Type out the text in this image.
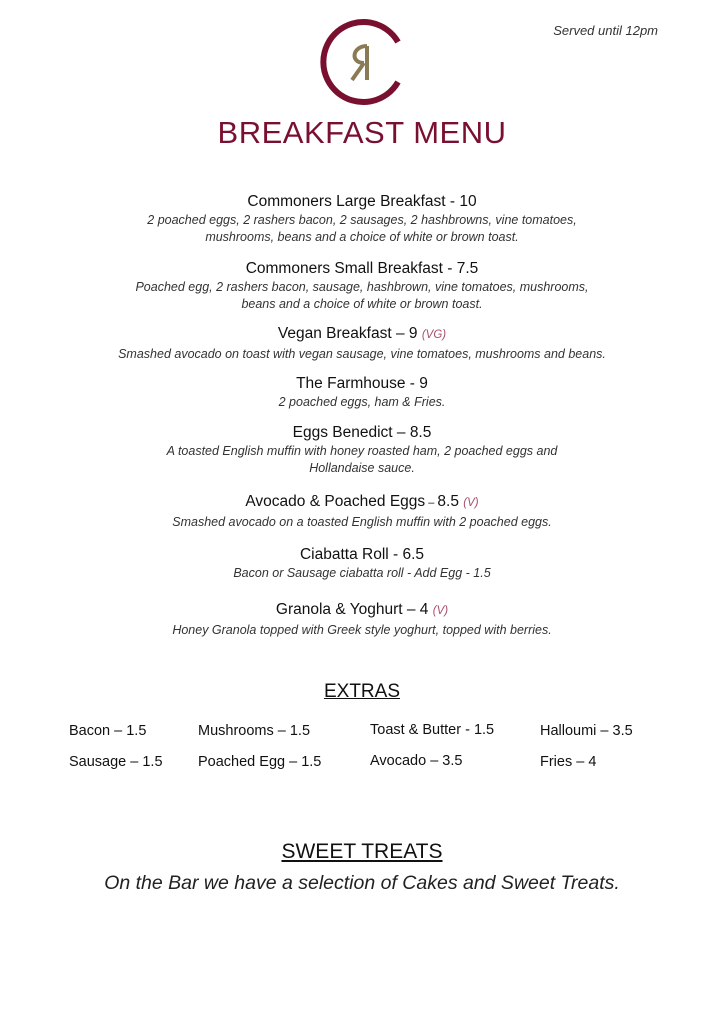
Served until 12pm
BREAKFAST MENU
Commoners Large Breakfast - 10
2 poached eggs, 2 rashers bacon, 2 sausages, 2 hashbrowns, vine tomatoes,
mushrooms, beans and a choice of white or brown toast.
Commoners Small Breakfast - 7.5
Poached egg, 2 rashers bacon, sausage, hashbrown, vine tomatoes, mushrooms,
beans and a choice of white or brown toast.
Vegan Breakfast – 9 (VG)
Smashed avocado on toast with vegan sausage, vine tomatoes, mushrooms and beans.
The Farmhouse - 9
2 poached eggs, ham & Fries.
Eggs Benedict – 8.5
A toasted English muffin with honey roasted ham, 2 poached eggs and
Hollandaise sauce.
Avocado & Poached Eggs – 8.5 (V)
Smashed avocado on a toasted English muffin with 2 poached eggs.
Ciabatta Roll - 6.5
Bacon or Sausage ciabatta roll - Add Egg - 1.5
Granola & Yoghurt – 4 (V)
Honey Granola topped with Greek style yoghurt, topped with berries.
EXTRAS
Bacon – 1.5	Mushrooms – 1.5	Toast & Butter - 1.5	Halloumi – 3.5
Sausage – 1.5 Poached Egg – 1.5	Avocado – 3.5	Fries – 4
SWEET TREATS
On the Bar we have a selection of Cakes and Sweet Treats.
